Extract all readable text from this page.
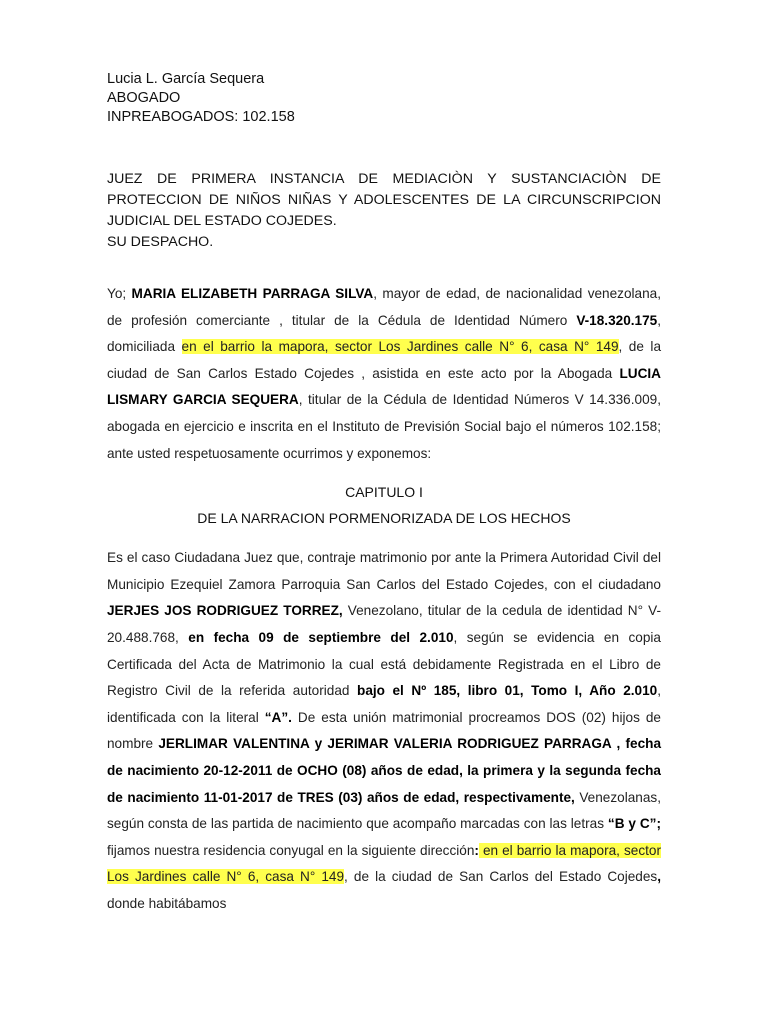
Lucia L. García Sequera

ABOGADO

INPREABOGADOS: 102.158

JUEZ DE PRIMERA INSTANCIA DE MEDIACIÒN Y SUSTANCIACIÒN DE PROTECCION DE NIÑOS NIÑAS Y ADOLESCENTES DE LA CIRCUNSCRIPCION JUDICIAL DEL ESTADO COJEDES.

SU DESPACHO.

Yo; MARIA ELIZABETH PARRAGA SILVA, mayor de edad, de nacionalidad venezolana, de profesión comerciante , titular de la Cédula de Identidad Número V-18.320.175, domiciliada en el barrio la mapora, sector Los Jardines calle N° 6, casa N° 149, de la ciudad de San Carlos Estado Cojedes , asistida en este acto por la Abogada LUCIA LISMARY GARCIA SEQUERA, titular de la Cédula de Identidad Números V 14.336.009, abogada en ejercicio e inscrita en el Instituto de Previsión Social bajo el números 102.158; ante usted respetuosamente ocurrimos y exponemos:

CAPITULO I

DE LA NARRACION PORMENORIZADA DE LOS HECHOS

Es el caso Ciudadana Juez que, contraje matrimonio por ante la Primera Autoridad Civil del Municipio Ezequiel Zamora Parroquia San Carlos del Estado Cojedes, con el ciudadano JERJES JOS RODRIGUEZ TORREZ, Venezolano, titular de la cedula de identidad N° V- 20.488.768, en fecha 09 de septiembre del 2.010, según se evidencia en copia Certificada del Acta de Matrimonio la cual está debidamente Registrada en el Libro de Registro Civil de la referida autoridad bajo el Nº 185, libro 01, Tomo I, Año 2.010, identificada con la literal “A”. De esta unión matrimonial procreamos DOS (02) hijos de nombre JERLIMAR VALENTINA y JERIMAR VALERIA RODRIGUEZ PARRAGA , fecha de nacimiento 20-12-2011 de OCHO (08) años de edad, la primera y la segunda fecha de nacimiento 11-01-2017 de TRES (03) años de edad, respectivamente, Venezolanas, según consta de las partida de nacimiento que acompaño marcadas con las letras “B y C”; fijamos nuestra residencia conyugal en la siguiente dirección: en el barrio la mapora, sector Los Jardines calle N° 6, casa N° 149, de la ciudad de San Carlos del Estado Cojedes, donde habitábamos
